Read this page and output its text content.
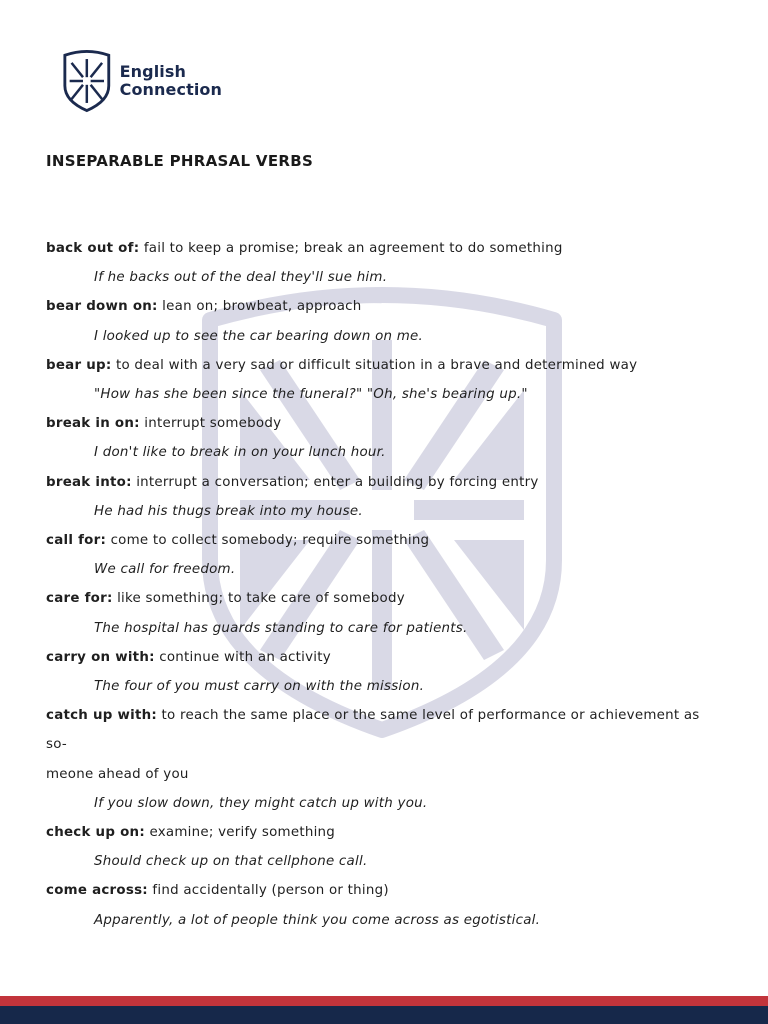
English
Connection
INSEPARABLE PHRASAL VERBS
back out of: fail to keep a promise; break an agreement to do something
If he backs out of the deal they'll sue him.
bear down on: lean on; browbeat, approach
I looked up to see the car bearing down on me.
bear up: to deal with a very sad or difficult situation in a brave and determined way
"How has she been since the funeral?" "Oh, she's bearing up."
break in on: interrupt somebody
I don't like to break in on your lunch hour.
break into: interrupt a conversation; enter a building by forcing entry
He had his thugs break into my house.
call for: come to collect somebody; require something
We call for freedom.
care for: like something; to take care of somebody
The hospital has guards standing to care for patients.
carry on with: continue with an activity
The four of you must carry on with the mission.
catch up with: to reach the same place or the same level of performance or achievement as so-
meone ahead of you
If you slow down, they might catch up with you.
check up on: examine; verify something
Should check up on that cellphone call.
come across: find accidentally (person or thing)
Apparently, a lot of people think you come across as egotistical.
